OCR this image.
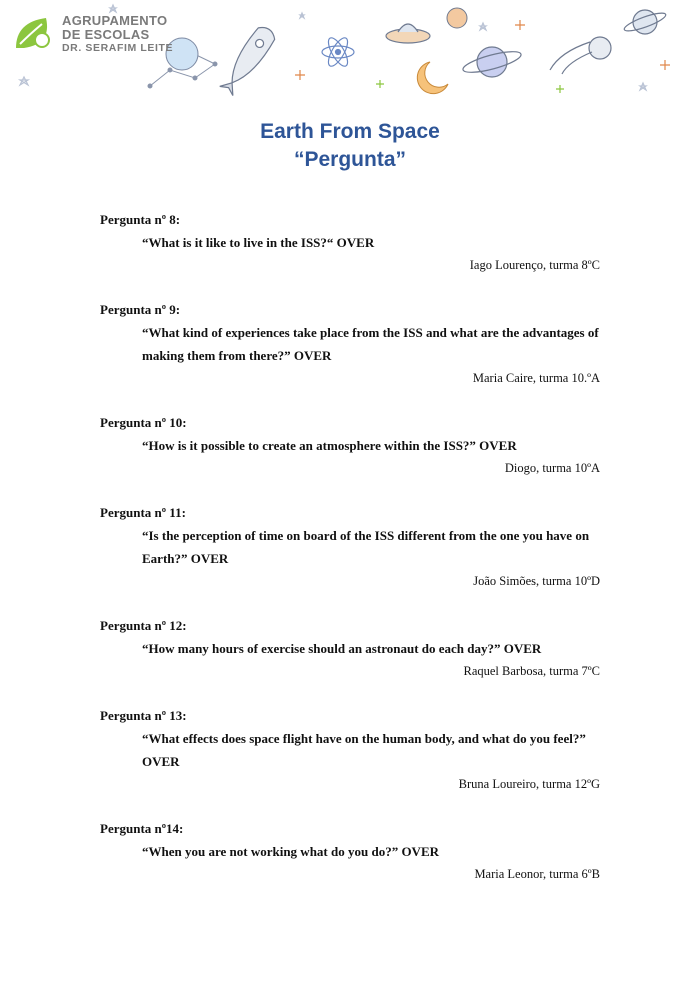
AGRUPAMENTO
DE ESCOLAS
DR. SERAFIM LEITE
Earth From Space
“Pergunta”
Pergunta nº 8:
“What is it like to live in the ISS?“ OVER
Iago Lourenço, turma 8ºC
Pergunta nº 9:
“What kind of experiences take place from the ISS and what are the advantages of making them from there?” OVER
Maria Caire, turma 10.ºA
Pergunta nº 10:
“How is it possible to create an atmosphere within the ISS?” OVER
Diogo, turma 10ºA
Pergunta nº 11:
“Is the perception of time on board of the ISS different from the one you have on Earth?” OVER
João Simões, turma 10ºD
Pergunta nº 12:
“How many hours of exercise should an astronaut do each day?” OVER
Raquel Barbosa, turma 7ºC
Pergunta nº 13:
“What effects does space flight have on the human body, and what do you feel?” OVER
Bruna Loureiro, turma 12ºG
Pergunta nº14:
“When you are not working what do you do?” OVER
Maria Leonor, turma 6ºB
